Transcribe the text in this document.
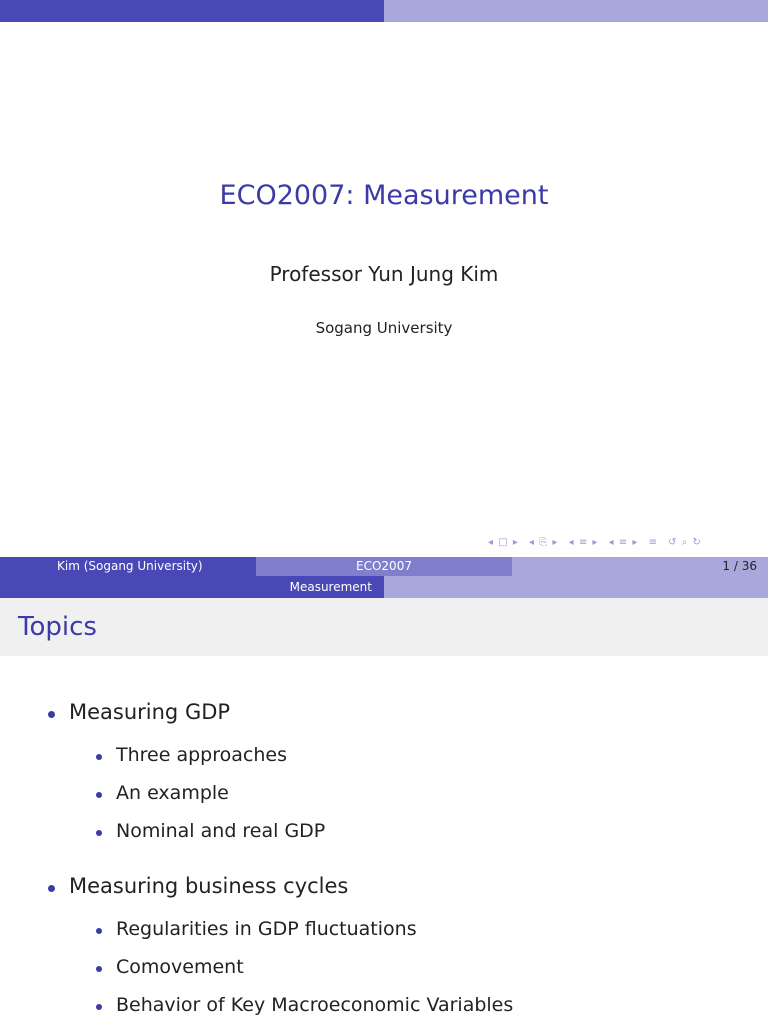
ECO2007: Measurement
Professor Yun Jung Kim
Sogang University
◂ □ ▸ ◂ ⎘ ▸ ◂ ≡ ▸ ◂ ≡ ▸ ≡ ↺ ⌕ ↻
Kim (Sogang University)	ECO2007	1 / 36
Measurement
Topics
Measuring GDP
Three approaches
An example
Nominal and real GDP
Measuring business cycles
Regularities in GDP fluctuations
Comovement
Behavior of Key Macroeconomic Variables
